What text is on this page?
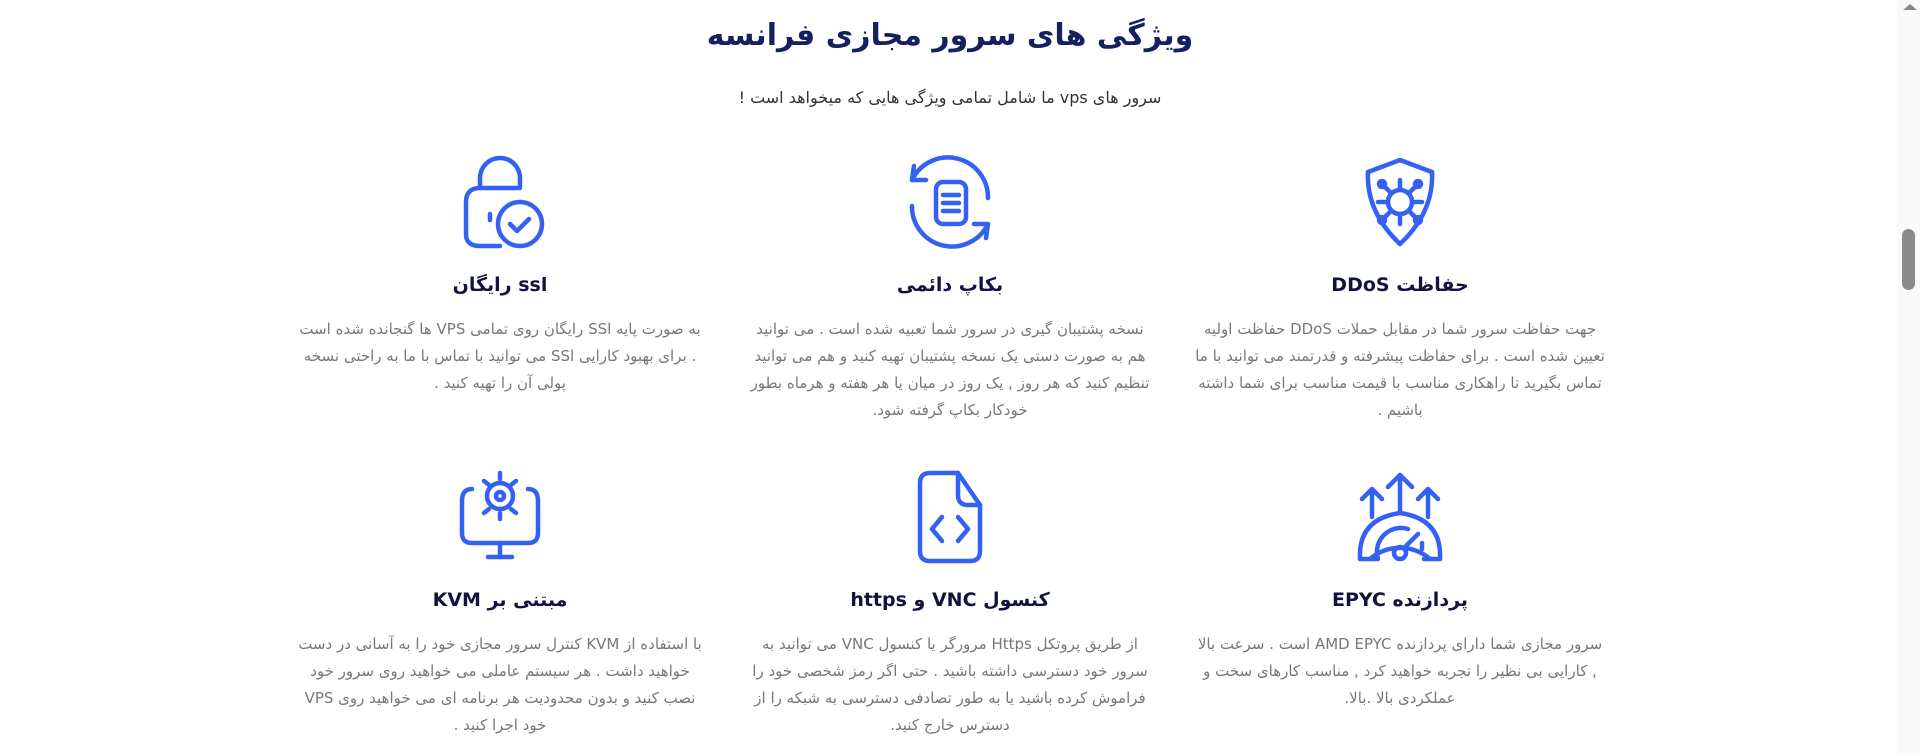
ویژگی های سرور مجازی فرانسه
سرور های vps ما شامل تمامی ویژگی هایی که میخواهد است !
حفاظت DDoS
جهت حفاظت سرور شما در مقابل حملات DDoS حفاظت اولیه تعیین شده است . برای حفاظت پیشرفته و قدرتمند می توانید با ما تماس بگیرید تا راهکاری مناسب با قیمت مناسب برای شما داشته باشیم .
بکاپ دائمی
نسخه پشتیبان گیری در سرور شما تعبیه شده است . می توانید هم به صورت دستی یک نسخه پشتیبان تهیه کنید و هم می توانید تنظیم کنید که هر روز , یک روز در میان یا هر هفته و هرماه بطور خودکار بکاپ گرفته شود.
ssl رایگان
به صورت پایه SSl رایگان روی تمامی VPS ها گنجانده شده است . برای بهبود کارایی SSl می توانید با تماس با ما به راحتی نسخه پولی آن را تهیه کنید .
پردازنده EPYC
سرور مجازی شما دارای پردازنده AMD EPYC است . سرعت بالا , کارایی بی نظیر را تجربه خواهید کرد , مناسب کارهای سخت و عملکردی بالا .بالا.
کنسول VNC و https
از طریق پروتکل Https مرورگر یا کنسول VNC می توانید به سرور خود دسترسی داشته باشید . حتی اگر رمز شخصی خود را فراموش کرده باشید یا به طور تصادفی دسترسی به شبکه را از دسترس خارج کنید.
مبتنی بر KVM
با استفاده از KVM کنترل سرور مجازی خود را به آسانی در دست خواهید داشت . هر سیستم عاملی می خواهید روی سرور خود نصب کنید و بدون محدودیت هر برنامه ای می خواهید روی VPS خود اجرا کنید .
